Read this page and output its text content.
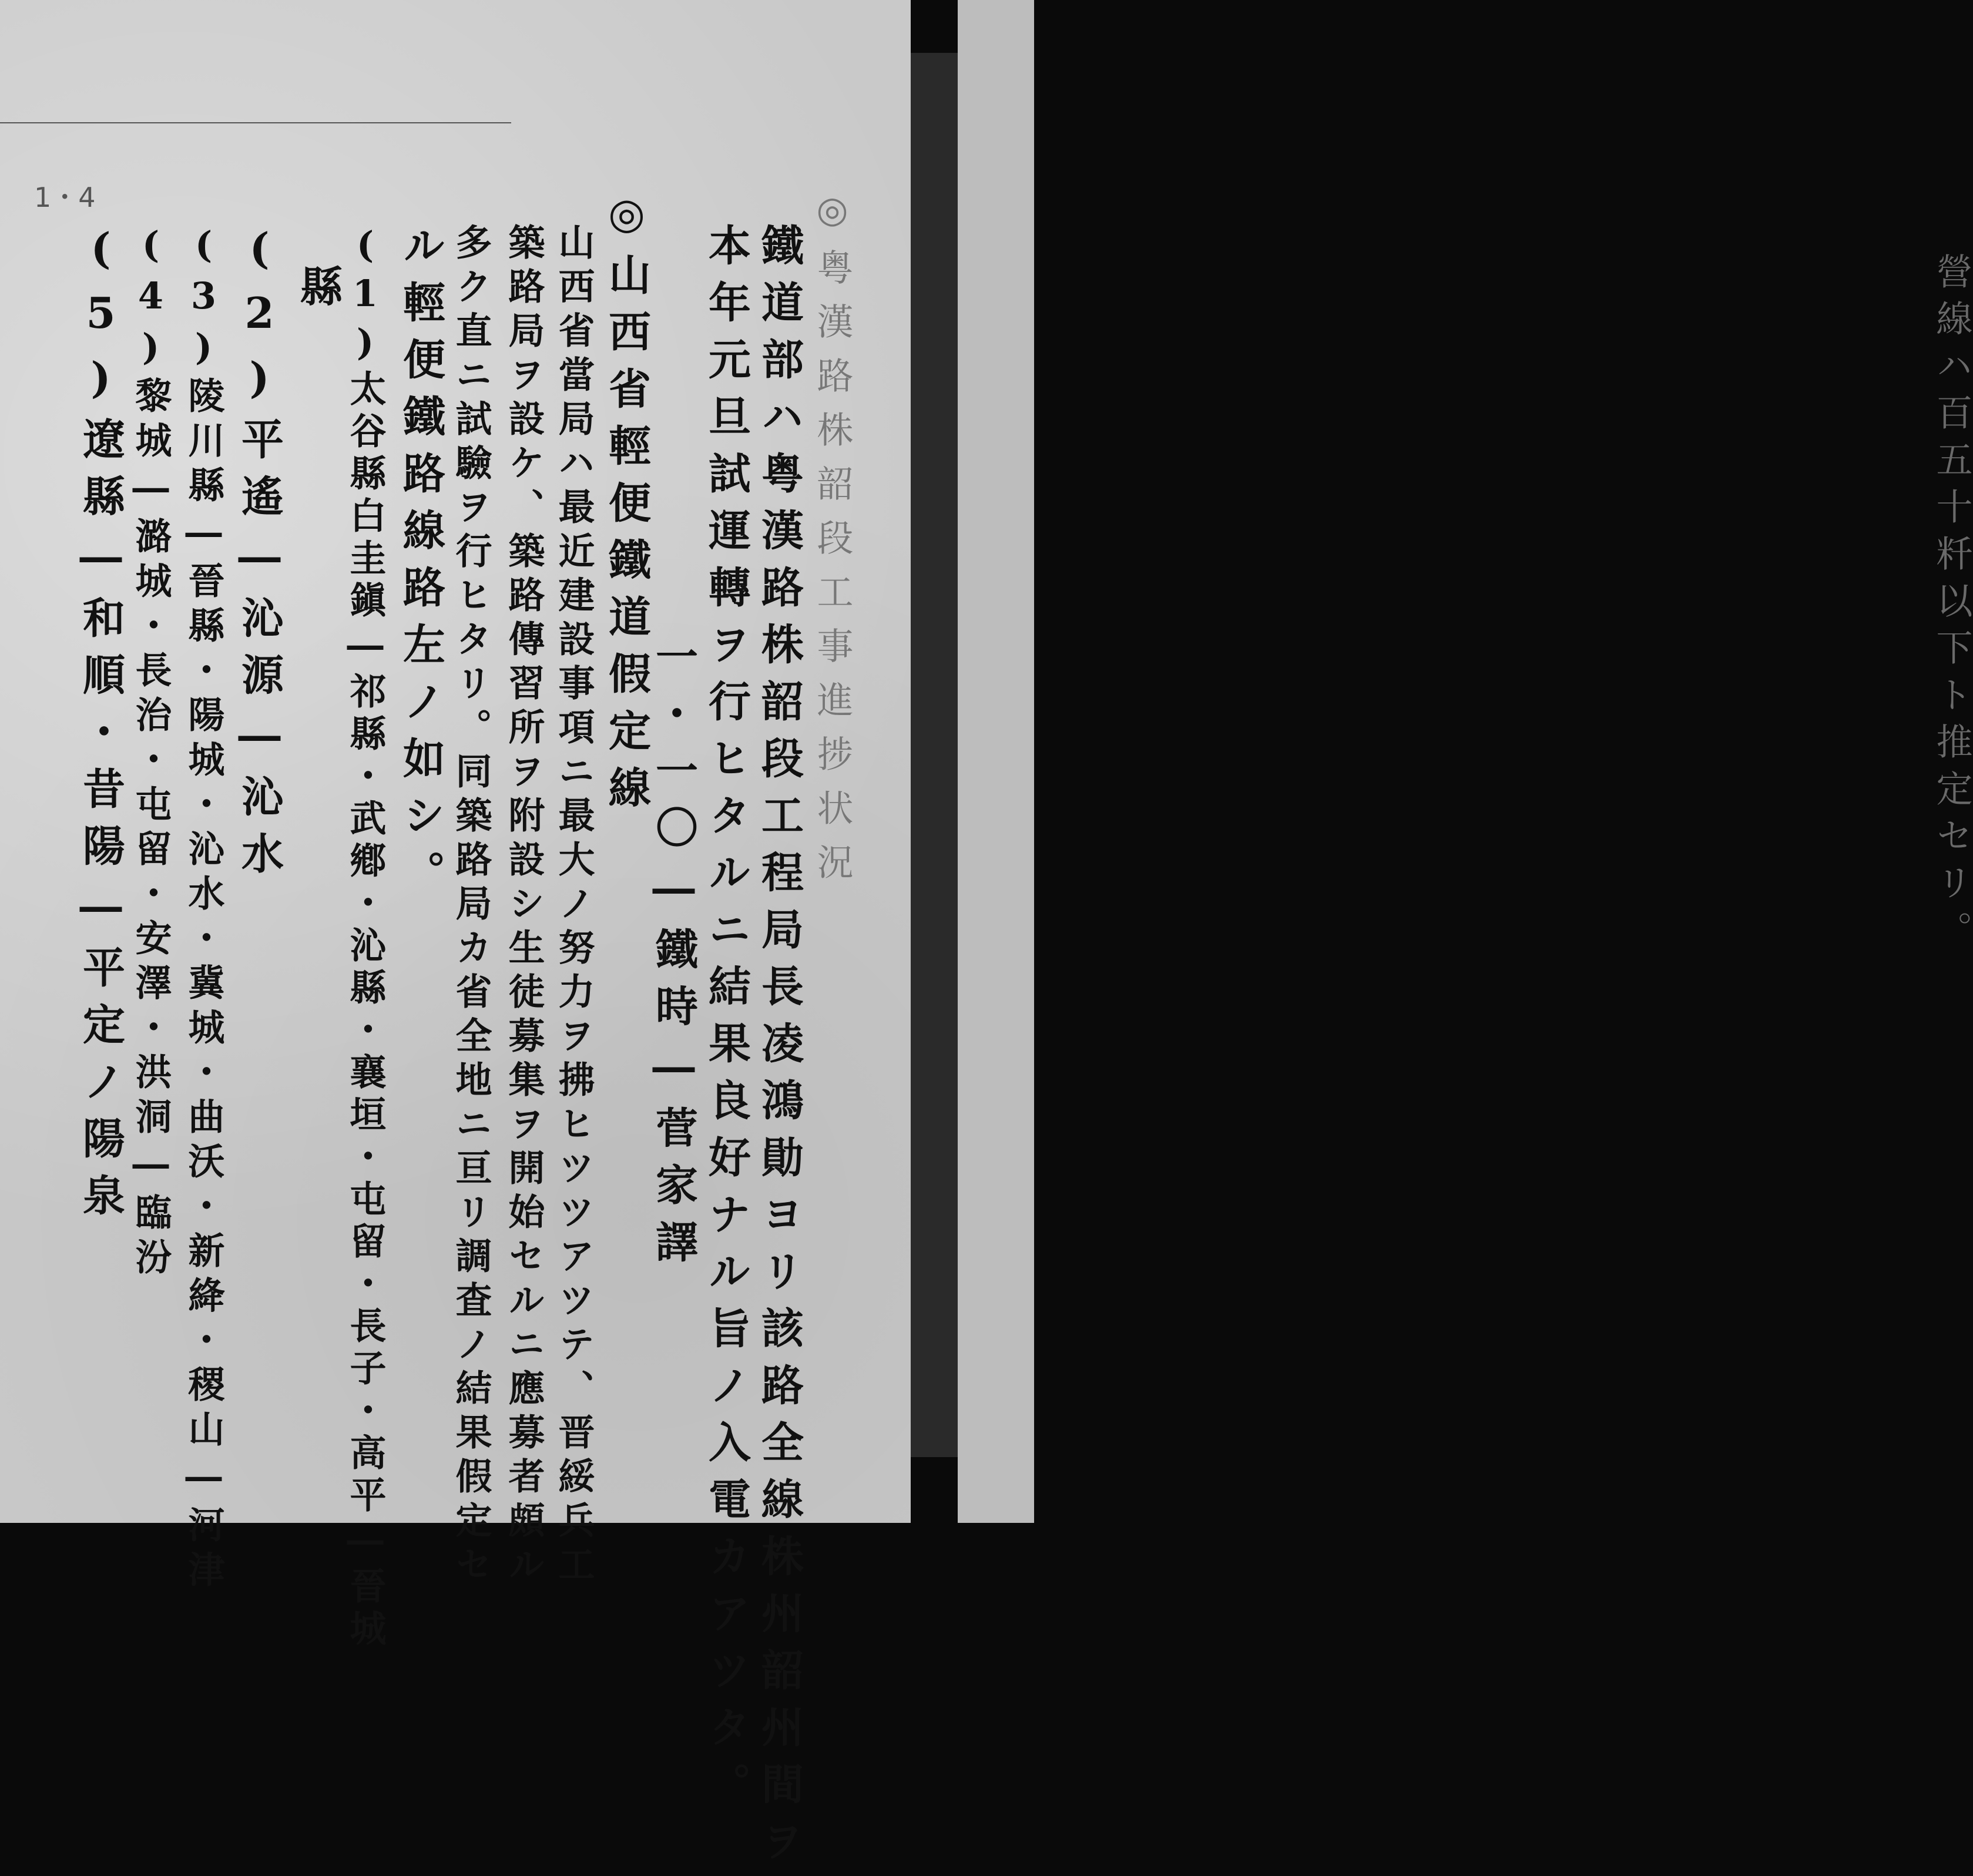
1・4	◎粤漢路株韶段工事進捗状況
鐵道部ハ粤漢路株韶段工程局長凌鴻勛ヨリ該路全線株州韶州間ヲ
本年元旦試運轉ヲ行ヒタルニ結果良好ナル旨ノ入電カアツタ。
一・一〇―鐵時―菅家譯
◎山西省輕便鐵道假定線
山西省當局ハ最近建設事項ニ最大ノ努力ヲ拂ヒツツアツテ、晋綏兵工
築路局ヲ設ケ、築路傳習所ヲ附設シ生徒募集ヲ開始セルニ應募者頗ル
多ク直ニ試驗ヲ行ヒタリ。同築路局カ省全地ニ亘リ調査ノ結果假定セ
ル輕便鐵路線路左ノ如シ。
(1)太谷縣白圭鎭―祁縣・武鄕・沁縣・襄垣・屯留・長子・高平―晉城
縣
(2)平遙―沁源―沁水
(3)陵川縣―晉縣・陽城・沁水・冀城・曲沃・新絳・稷山―河津
(4)黎城―潞城・長治・屯留・安澤・洪洞―臨汾
(5)遼縣―和順・昔陽―平定ノ陽泉	營線ハ百五十粁以下ト推定セリ。
